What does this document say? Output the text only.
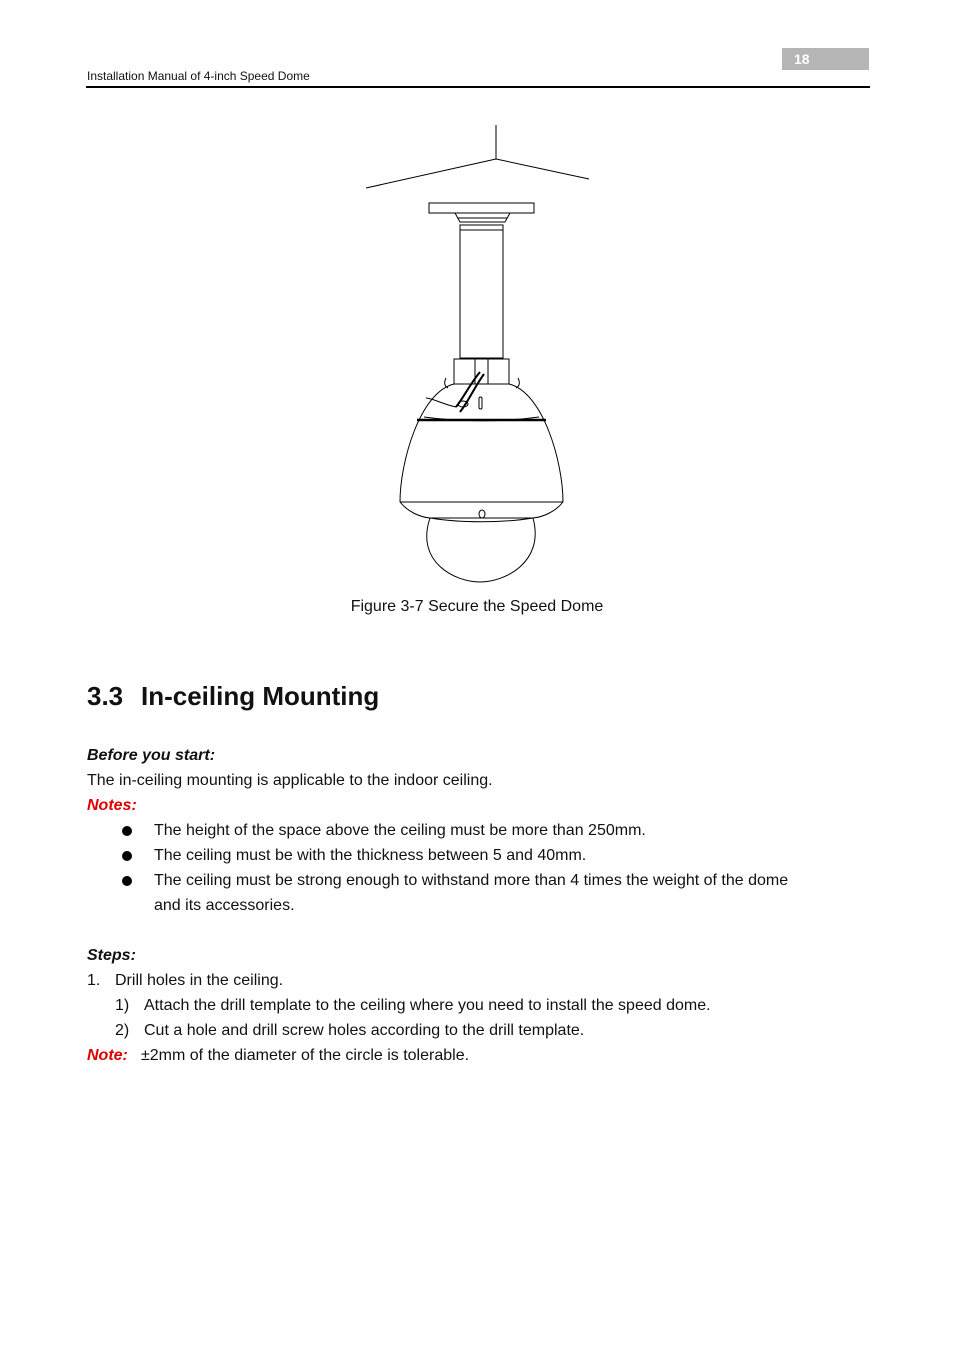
18
Installation Manual of 4-inch Speed Dome
Figure 3-7 Secure the Speed Dome
3.3 In-ceiling Mounting
Before you start:
The in-ceiling mounting is applicable to the indoor ceiling.
Notes:
The height of the space above the ceiling must be more than 250mm.
The ceiling must be with the thickness between 5 and 40mm.
The ceiling must be strong enough to withstand more than 4 times the weight of the dome
and its accessories.
Steps:
1. Drill holes in the ceiling.
1) Attach the drill template to the ceiling where you need to install the speed dome.
2) Cut a hole and drill screw holes according to the drill template.
Note: ±2mm of the diameter of the circle is tolerable.
